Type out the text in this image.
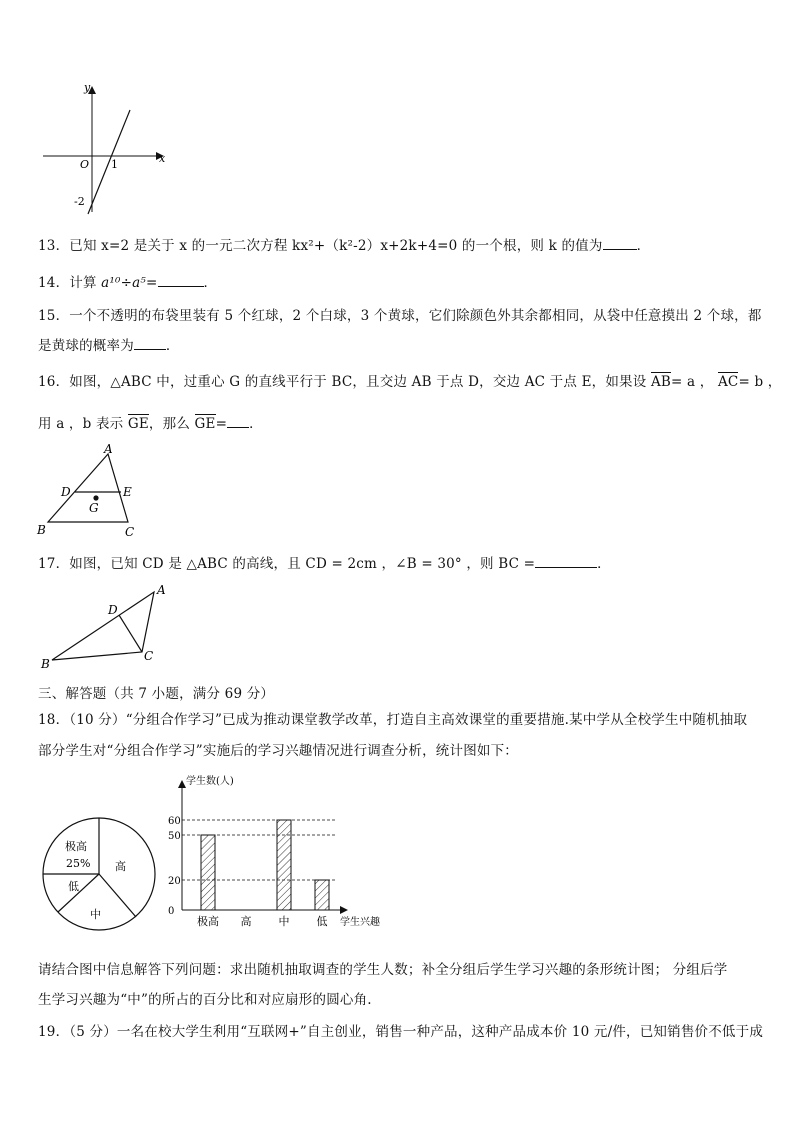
x
y
O 1
-2
13．已知 x=2 是关于 x 的一元二次方程 kx²+（k²-2）x+2k+4=0 的一个根，则 k 的值为	．
14．计算 a¹⁰÷a⁵=	．
15．一个不透明的布袋里装有 5 个红球，2 个白球，3 个黄球，它们除颜色外其余都相同，从袋中任意摸出 2 个球，都
是黄球的概率为 ．
16．如图，△ABC 中，过重心 G 的直线平行于 BC，且交边 AB 于点 D，交边 AC 于点 E，如果设 AB= a ， AC= b ，
用 a ，b 表示 GE，那么 GE= ．
A
B	C
D	E
G
17．如图，已知 CD 是 △ABC 的高线，且 CD = 2cm ，∠B = 30° ，则 BC =	．
A
B
C
D
三、解答题（共 7 小题，满分 69 分）
18．（10 分）“分组合作学习”已成为推动课堂教学改革，打造自主高效课堂的重要措施.某中学从全校学生中随机抽取
部分学生对“分组合作学习”实施后的学习兴趣情况进行调查分析，统计图如下：
极高
25% 高
低
中
学生数(人)
学生兴趣
0
20
50
60
极高 高 中 低
请结合图中信息解答下列问题：求出随机抽取调查的学生人数；补全分组后学生学习兴趣的条形统计图； 分组后学
生学习兴趣为“中”的所占的百分比和对应扇形的圆心角.
19．（5 分）一名在校大学生利用“互联网+”自主创业，销售一种产品，这种产品成本价 10 元/件，已知销售价不低于成
